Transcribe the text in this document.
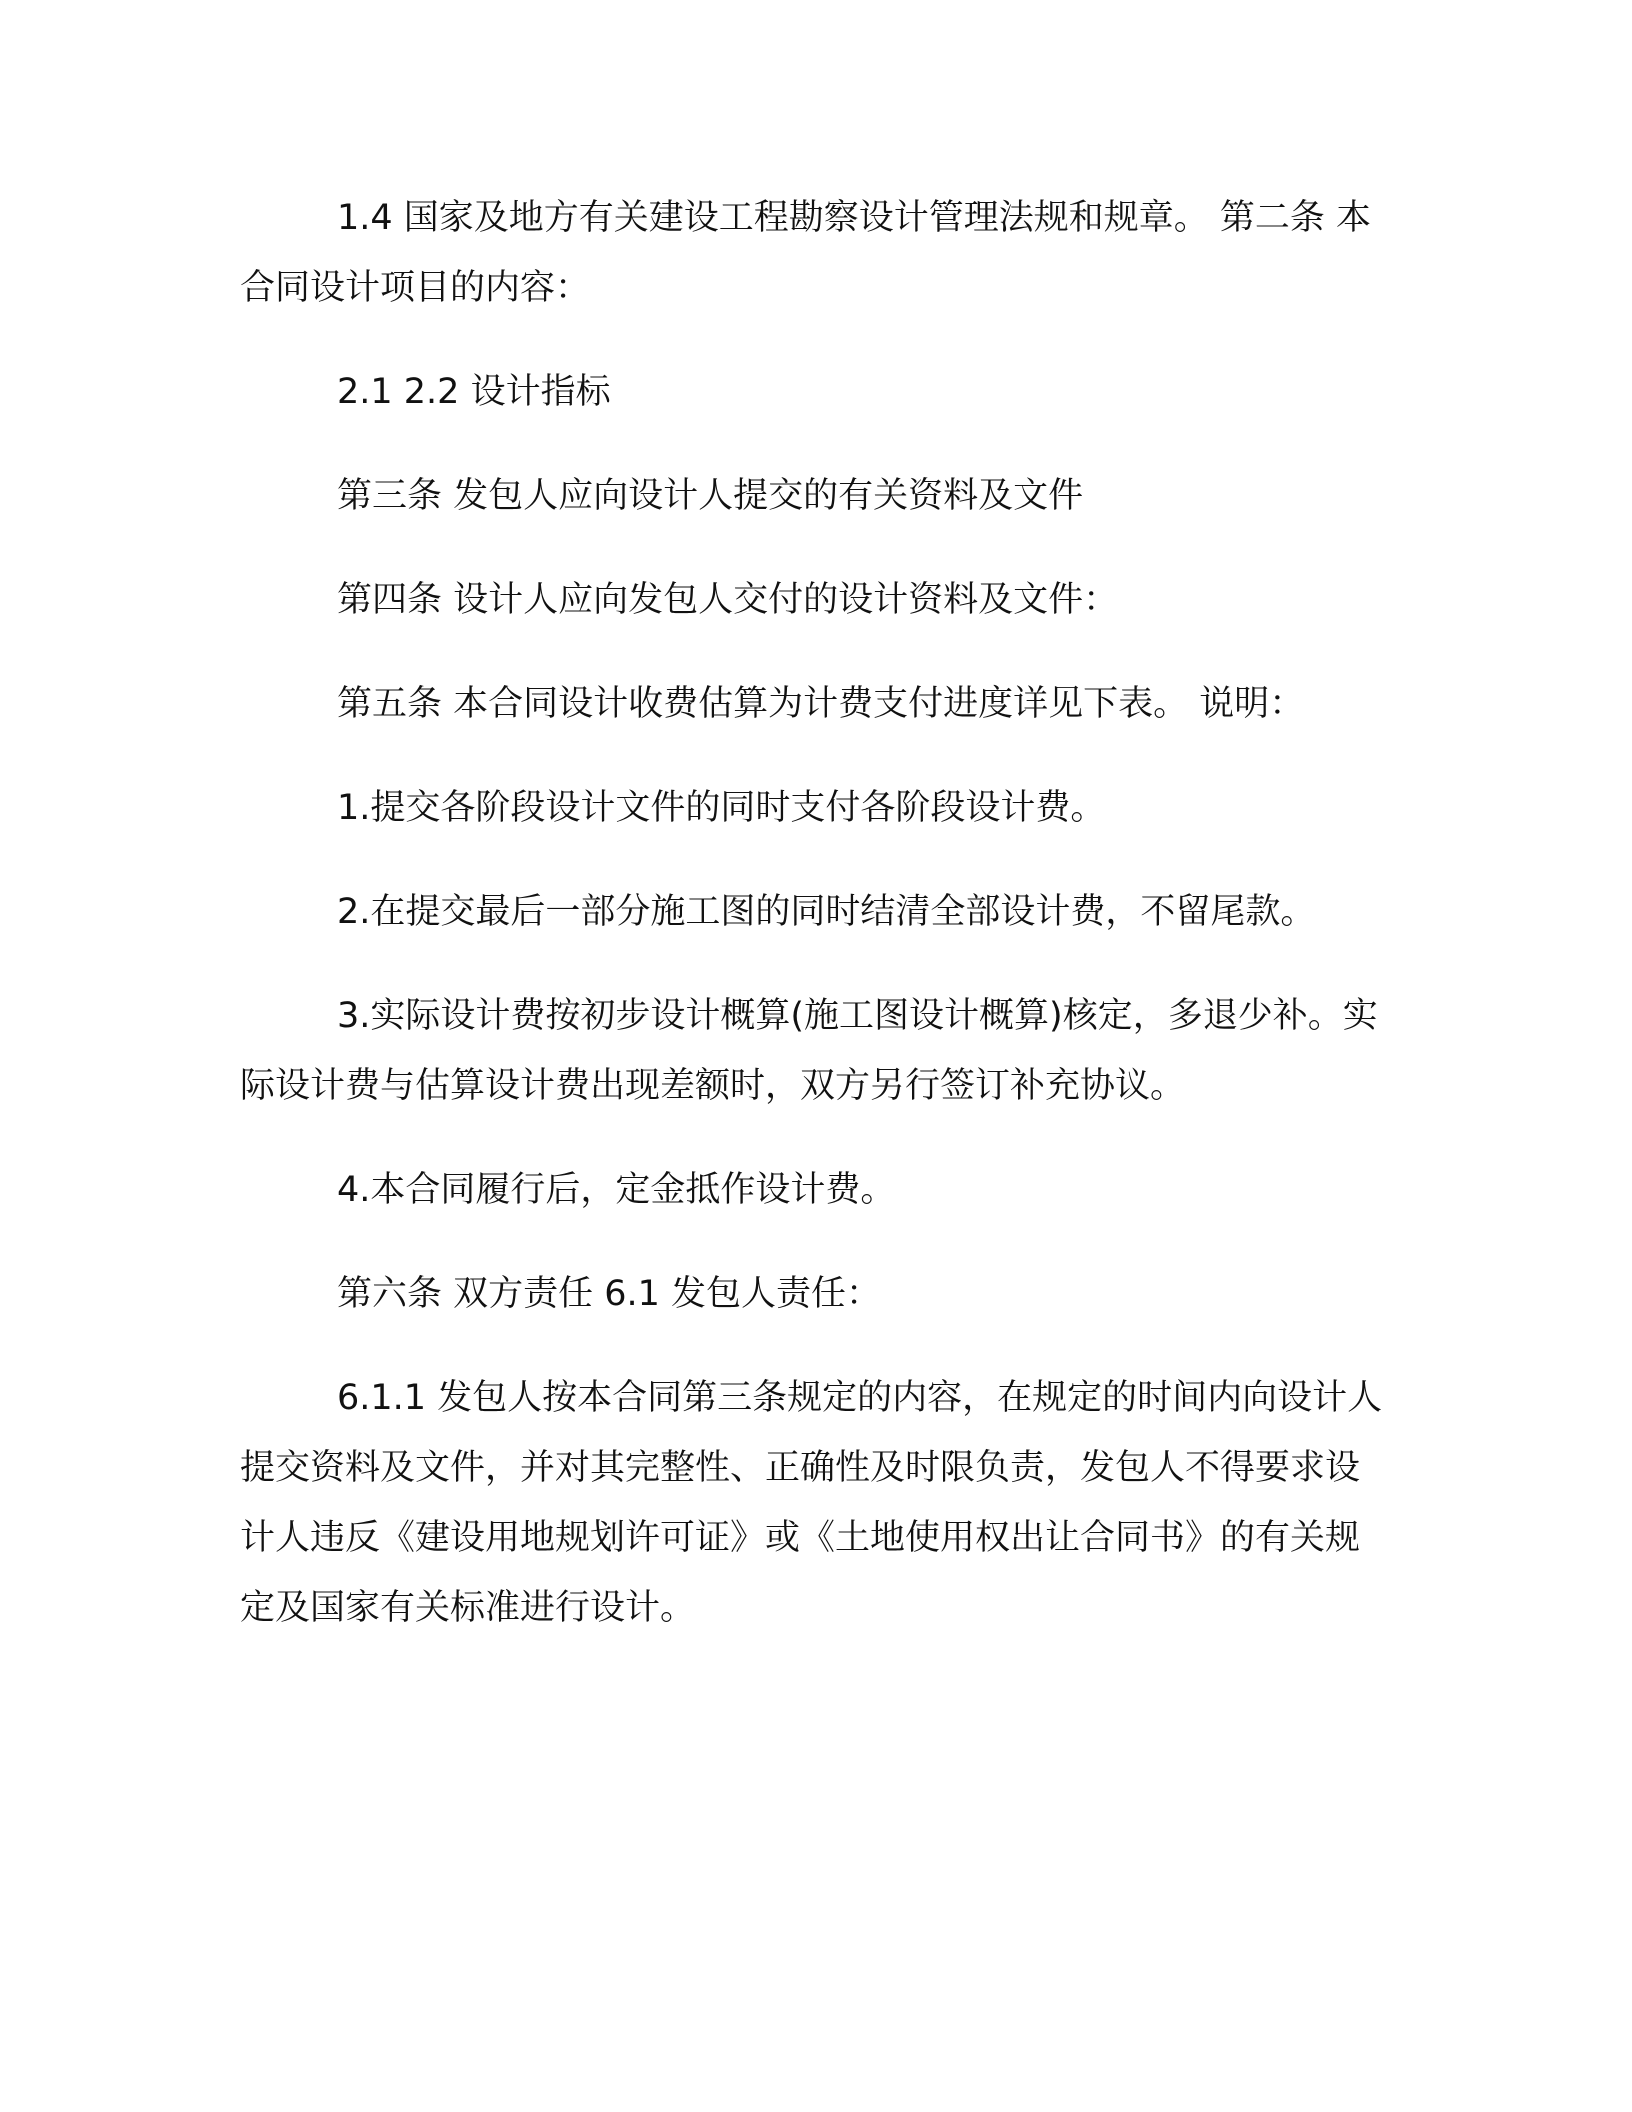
1.4 国家及地方有关建设工程勘察设计管理法规和规章。 第二条 本合同设计项目的内容：

2.1 2.2 设计指标

第三条 发包人应向设计人提交的有关资料及文件

第四条 设计人应向发包人交付的设计资料及文件：

第五条 本合同设计收费估算为计费支付进度详见下表。 说明：

1.提交各阶段设计文件的同时支付各阶段设计费。

2.在提交最后一部分施工图的同时结清全部设计费，不留尾款。

3.实际设计费按初步设计概算(施工图设计概算)核定，多退少补。实际设计费与估算设计费出现差额时，双方另行签订补充协议。

4.本合同履行后，定金抵作设计费。

第六条 双方责任 6.1 发包人责任：

6.1.1 发包人按本合同第三条规定的内容，在规定的时间内向设计人提交资料及文件，并对其完整性、正确性及时限负责，发包人不得要求设计人违反《建设用地规划许可证》或《土地使用权出让合同书》的有关规定及国家有关标准进行设计。
